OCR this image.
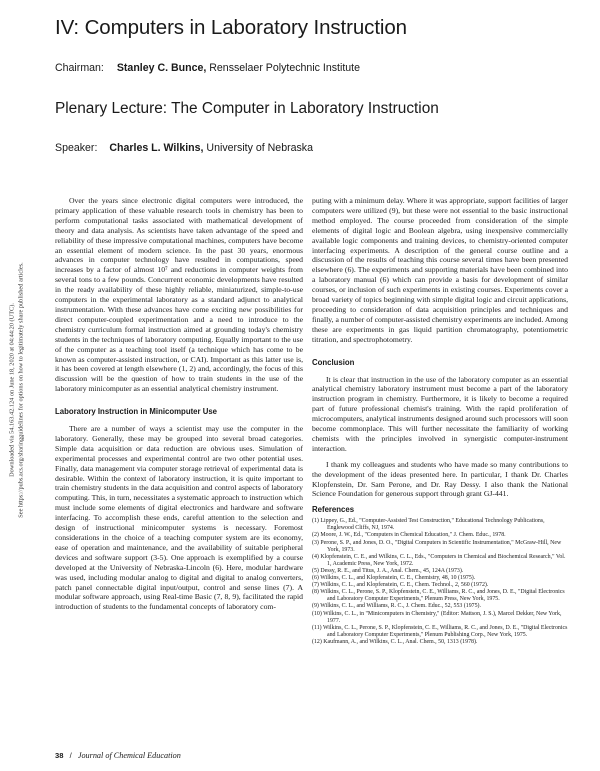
IV: Computers in Laboratory Instruction
Chairman: Stanley C. Bunce, Rensselaer Polytechnic Institute
Plenary Lecture: The Computer in Laboratory Instruction
Speaker: Charles L. Wilkins, University of Nebraska
Downloaded via 54.163.42.124 on June 18, 2020 at 04:44:20 (UTC). See https://pubs.acs.org/sharingguidelines for options on how to legitimately share published articles.

Over the years since electronic digital computers were introduced, the primary application of these valuable research tools in chemistry has been to perform computational tasks associated with mathematical development of theory and data analysis. As scientists have taken advantage of the speed and reliability of these impressive computational machines, computers have become an essential element of modern science. In the past 30 years, enormous advances in computer technology have resulted in computations, speed increases by a factor of almost 10⁷ and reductions in computer weights from several tons to a few pounds. Concurrent economic developments have resulted in the ready availability of these highly reliable, miniaturized, simple-to-use computers in the experimental laboratory as a standard adjunct to analytical instrumentation. With these advances have come exciting new possibilities for direct computer-coupled experimentation and a need to introduce to the chemistry curriculum formal instruction aimed at grounding today's chemistry students in the techniques of laboratory computing. Equally important to the use of the computer as a teaching tool itself (a technique which has come to be known as computer-assisted instruction, or CAI). Important as this latter use is, it has been covered at length elsewhere (1, 2) and, accordingly, the focus of this discussion will be the question of how to train students in the use of the laboratory minicomputer as an essential analytical chemistry instrument.

Laboratory Instruction in Minicomputer Use

There are a number of ways a scientist may use the computer in the laboratory. Generally, these may be grouped into several broad categories. Simple data acquisition or data reduction are obvious uses. Simulation of experimental processes and experimental control are two other potential uses. Finally, data management via computer storage retrieval of experimental data is desirable. Within the context of laboratory instruction, it is quite important to train chemistry students in the data acquisition and control aspects of laboratory computing. This, in turn, necessitates a systematic approach to instruction which must include some elements of digital electronics and hardware and software interfacing. To accomplish these ends, careful attention to the selection and design of instructional minicomputer systems is necessary. Foremost considerations in the choice of a teaching computer system are its economy, ease of operation and maintenance, and the availability of suitable peripheral devices and software support (3-5). One approach is exemplified by a course developed at the University of Nebraska-Lincoln (6). Here, modular hardware was used, including modular analog to digital and digital to analog converters, patch panel connectable digital input/output, control and sense lines (7). A modular software approach, using Real-time Basic (7, 8, 9), facilitated the rapid introduction of students to the fundamental concepts of laboratory com-

puting with a minimum delay. Where it was appropriate, support facilities of larger computers were utilized (9), but these were not essential to the basic instructional method employed. The course proceeded from consideration of the simple elements of digital logic and Boolean algebra, using inexpensive commercially available logic components and training devices, to chemistry-oriented computer interfacing experiments. A description of the general course outline and a discussion of the results of teaching this course several times have been presented elsewhere (6). The experiments and supporting materials have been combined into a laboratory manual (6) which can provide a basis for development of similar courses, or inclusion of such experiments in existing courses. Experiments cover a broad variety of topics beginning with simple digital logic and circuit applications, proceeding to consideration of data acquisition principles and techniques and finally, a number of computer-assisted chemistry experiments are included. Among these are experiments in gas liquid partition chromatography, potentiometric titration, and spectrophotometry.

Conclusion

It is clear that instruction in the use of the laboratory computer as an essential analytical chemistry laboratory instrument must become a part of the laboratory instruction program in chemistry. Furthermore, it is likely to become a required part of future professional chemist's training. With the rapid proliferation of microcomputers, analytical instruments designed around such processors will soon become commonplace. This will further necessitate the familiarity of working chemists with the principles involved in synergistic computer-instrument interaction.

I thank my colleagues and students who have made so many contributions to the development of the ideas presented here. In particular, I thank Dr. Charles Klopfenstein, Dr. Sam Perone, and Dr. Ray Dessy. I also thank the National Science Foundation for generous support through grant GJ-441.

References
(1) Lippey, G., Ed., "Computer-Assisted Test Construction," Educational Technology Publications, Englewood Cliffs, NJ, 1974.
(2) Moore, J. W., Ed., "Computers in Chemical Education," J. Chem. Educ., 1978.
(3) Perone, S. P., and Jones, D. O., "Digital Computers in Scientific Instrumentation," McGraw-Hill, New York, 1973.
(4) Klopfenstein, C. E., and Wilkins, C. L., Eds., "Computers in Chemical and Biochemical Research," Vol. 1, Academic Press, New York, 1972.
(5) Dessy, R. E., and Titus, J. A., Anal. Chem., 45, 124A (1973).
(6) Wilkins, C. L., and Klopfenstein, C. E., Chemistry, 48, 10 (1975).
(7) Wilkins, C. L., and Klopfenstein, C. E., Chem. Technol., 2, 560 (1972).
(8) Wilkins, C. L., Perone, S. P., Klopfenstein, C. E., Williams, R. C., and Jones, D. E., "Digital Electronics and Laboratory Computer Experiments," Plenum Press, New York, 1975.
(9) Wilkins, C. L., and Williams, R. C., J. Chem. Educ., 52, 553 (1975).
(10) Wilkins, C. L., in "Minicomputers in Chemistry," (Editor: Mattson, J. S.), Marcel Dekker, New York, 1977.
(11) Wilkins, C. L., Perone, S. P., Klopfenstein, C. E., Williams, R. C., and Jones, D. E., "Digital Electronics and Laboratory Computer Experiments," Plenum Publishing Corp., New York, 1975.
(12) Kaufmann, A., and Wilkins, C. L., Anal. Chem., 50, 1313 (1978).
38 / Journal of Chemical Education
